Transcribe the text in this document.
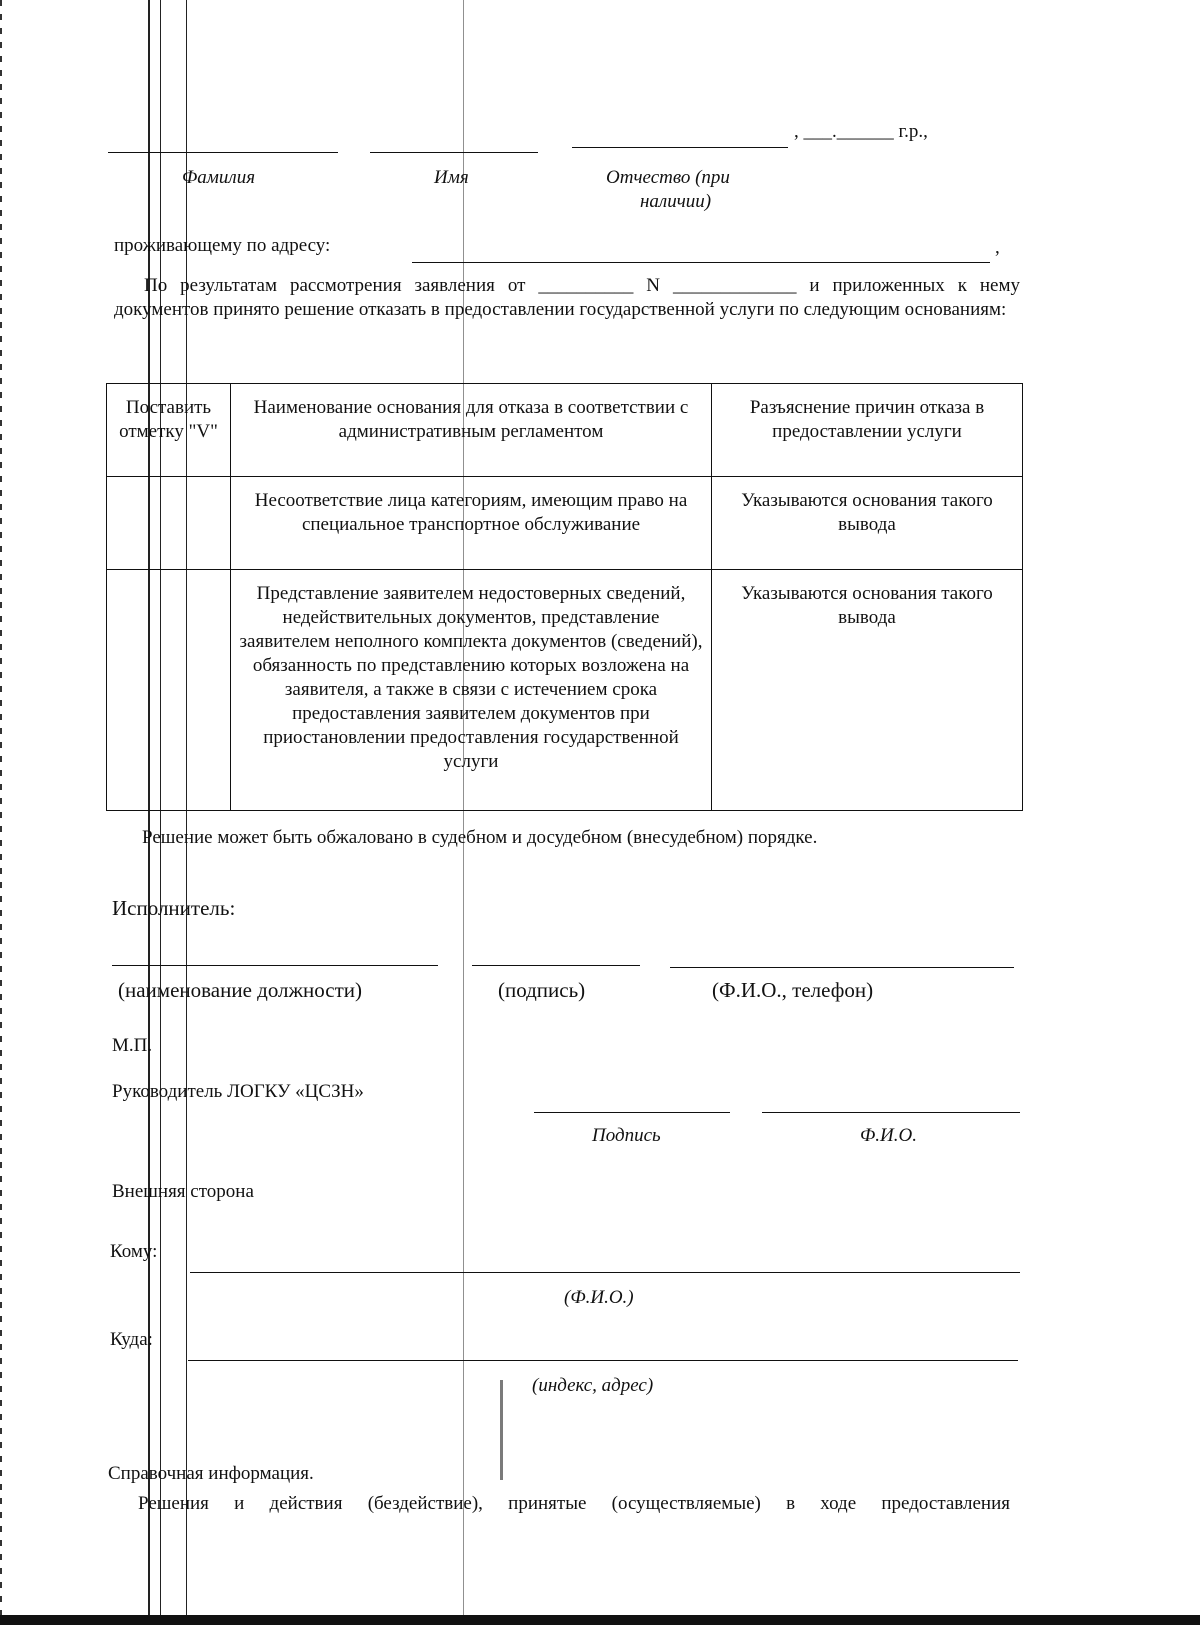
, ___.______ г.р.,
Фамилия	Имя	Отчество (при
наличии)
проживающему по адресу:	,
По результатам рассмотрения заявления от __________ N _____________ и приложенных к нему документов принято решение отказать в предоставлении государственной услуги по следующим основаниям:
Поставить отметку "V"	Наименование основания для отказа в соответствии с административным регламентом	Разъяснение причин отказа в предоставлении услуги
	Несоответствие лица категориям, имеющим право на специальное транспортное обслуживание	Указываются основания такого вывода
	Представление заявителем недостоверных сведений, недействительных документов, представление заявителем неполного комплекта документов (сведений), обязанность по представлению которых возложена на заявителя, а также в связи с истечением срока предоставления заявителем документов при приостановлении предоставления государственной услуги	Указываются основания такого вывода
Решение может быть обжаловано в судебном и досудебном (внесудебном) порядке.
Исполнитель:
(наименование должности)	(подпись)	(Ф.И.О., телефон)
М.П.
Руководитель ЛОГКУ «ЦСЗН»
Подпись	Ф.И.О.
Внешняя сторона
Кому:
(Ф.И.О.)
Куда:
(индекс, адрес)
Справочная информация.
Решения и действия (бездействие), принятые (осуществляемые) в ходе предоставления
